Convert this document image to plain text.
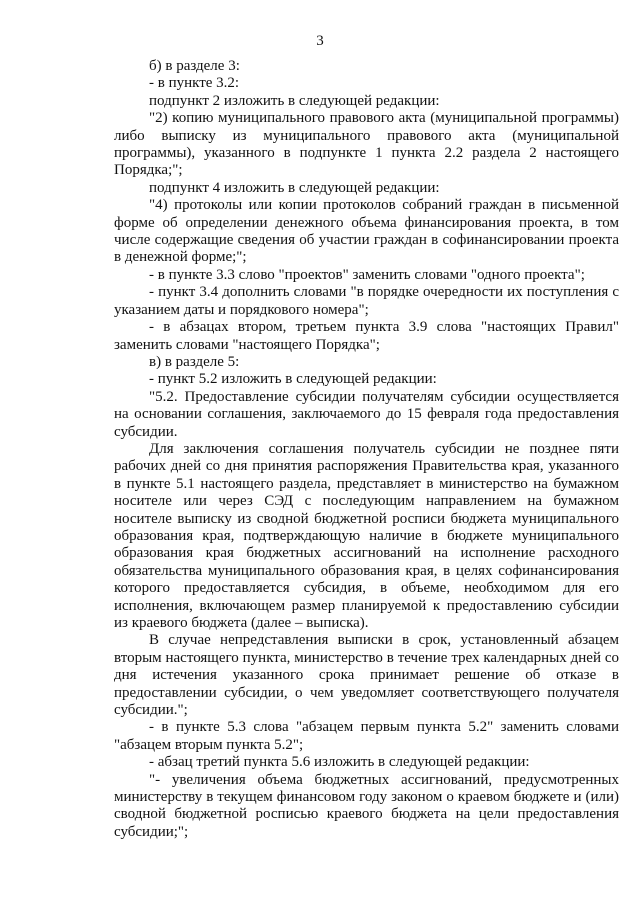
3

б) в разделе 3:

- в пункте 3.2:

подпункт 2 изложить в следующей редакции:

"2) копию муниципального правового акта (муниципальной программы) либо выписку из муниципального правового акта (муниципальной программы), указанного в подпункте 1 пункта 2.2 раздела 2 настоящего Порядка;";

подпункт 4 изложить в следующей редакции:

"4) протоколы или копии протоколов собраний граждан в письменной форме об определении денежного объема финансирования проекта, в том числе содержащие сведения об участии граждан в софинансировании проекта в денежной форме;";

- в пункте 3.3 слово "проектов" заменить словами "одного проекта";

- пункт 3.4 дополнить словами "в порядке очередности их поступления с указанием даты и порядкового номера";

- в абзацах втором, третьем пункта 3.9 слова "настоящих Правил" заменить словами "настоящего Порядка";

в) в разделе 5:

- пункт 5.2 изложить в следующей редакции:

"5.2. Предоставление субсидии получателям субсидии осуществляется на основании соглашения, заключаемого до 15 февраля года предоставления субсидии.

Для заключения соглашения получатель субсидии не позднее пяти рабочих дней со дня принятия распоряжения Правительства края, указанного в пункте 5.1 настоящего раздела, представляет в министерство на бумажном носителе или через СЭД с последующим направлением на бумажном носителе выписку из сводной бюджетной росписи бюджета муниципального образования края, подтверждающую наличие в бюджете муниципального образования края бюджетных ассигнований на исполнение расходного обязательства муниципального образования края, в целях софинансирования которого предоставляется субсидия, в объеме, необходимом для его исполнения, включающем размер планируемой к предоставлению субсидии из краевого бюджета (далее – выписка).

В случае непредставления выписки в срок, установленный абзацем вторым настоящего пункта, министерство в течение трех календарных дней со дня истечения указанного срока принимает решение об отказе в предоставлении субсидии, о чем уведомляет соответствующего получателя субсидии.";

- в пункте 5.3 слова "абзацем первым пункта 5.2" заменить словами "абзацем вторым пункта 5.2";

- абзац третий пункта 5.6 изложить в следующей редакции:

"- увеличения объема бюджетных ассигнований, предусмотренных министерству в текущем финансовом году законом о краевом бюджете и (или) сводной бюджетной росписью краевого бюджета на цели предоставления субсидии;";
